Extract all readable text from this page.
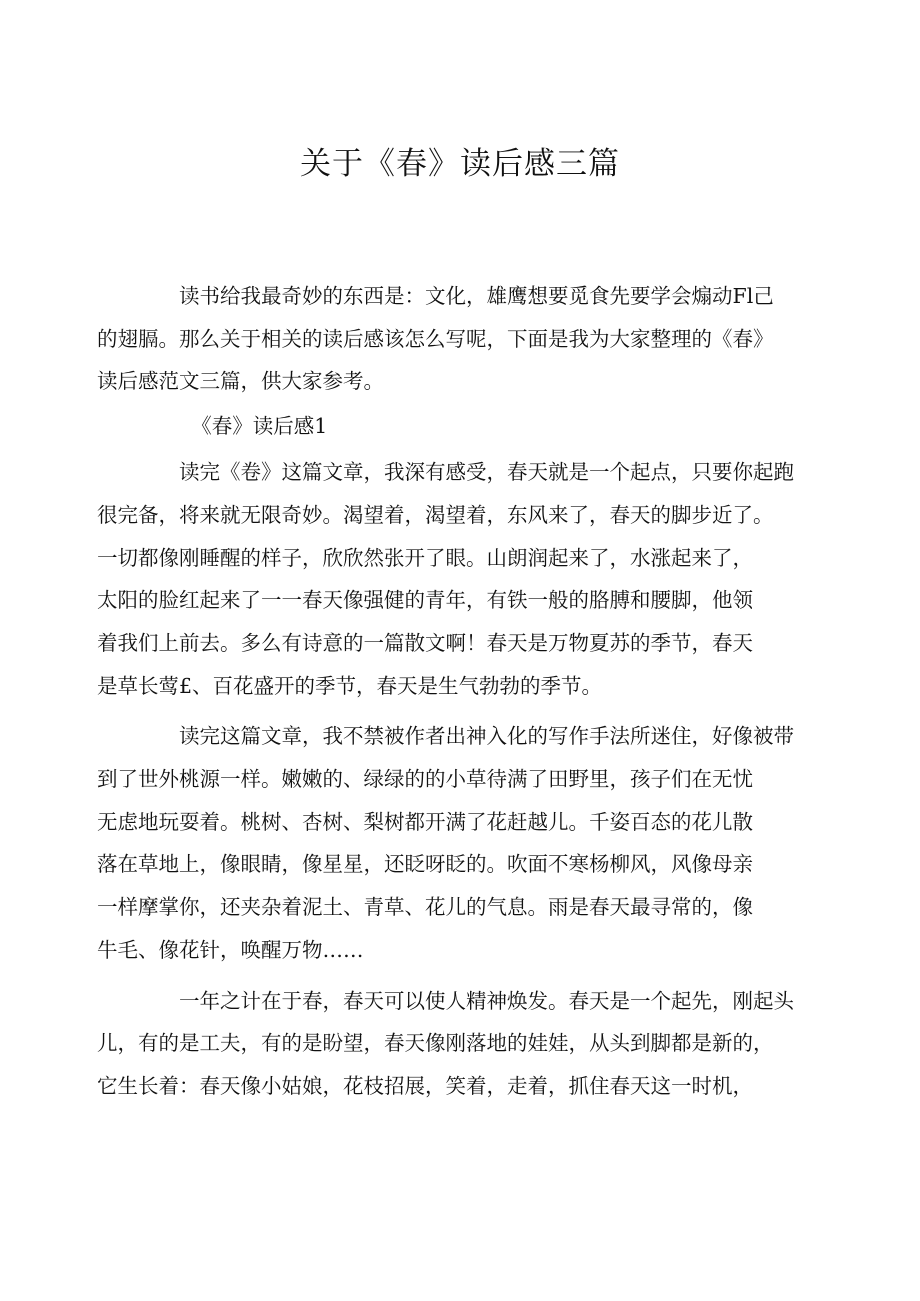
关于《春》读后感三篇

读书给我最奇妙的东西是：文化，雄鹰想要觅食先要学会煽动Fl己
的翅膈。那么关于相关的读后感该怎么写呢，下面是我为大家整理的《春》
读后感范文三篇，供大家参考。

《春》读后感1

读完《卷》这篇文章，我深有感受，春天就是一个起点，只要你起跑
很完备，将来就无限奇妙。渴望着，渴望着，东风来了，春天的脚步近了。
一切都像刚睡醒的样子，欣欣然张开了眼。山朗润起来了，水涨起来了，
太阳的脸红起来了一一春天像强健的青年，有铁一般的胳膊和腰脚，他领
着我们上前去。多么有诗意的一篇散文啊！春天是万物夏苏的季节，春天
是草长莺£、百花盛开的季节，春天是生气勃勃的季节。

读完这篇文章，我不禁被作者出神入化的写作手法所迷住，好像被带
到了世外桃源一样。嫩嫩的、绿绿的的小草待满了田野里，孩子们在无忧
无虑地玩耍着。桃树、杏树、梨树都开满了花赶越儿。千姿百态的花儿散
落在草地上，像眼睛，像星星，还眨呀眨的。吹面不寒杨柳风，风像母亲
一样摩掌你，还夹杂着泥土、青草、花儿的气息。雨是春天最寻常的，像
牛毛、像花针，唤醒万物……

一年之计在于春，春天可以使人精神焕发。春天是一个起先，刚起头
儿，有的是工夫，有的是盼望，春天像刚落地的娃娃，从头到脚都是新的，
它生长着：春天像小姑娘，花枝招展，笑着，走着，抓住春天这一时机，
